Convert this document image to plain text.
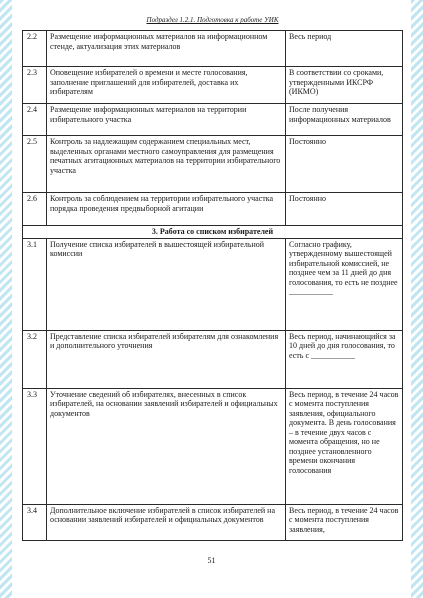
Подраздел 1.2.1. Подготовка к работе УИК
2.2	Размещение информационных материалов на информационном стенде, актуализация этих материалов	Весь период
2.3	Оповещение избирателей о времени и месте голосования, заполнение приглашений для избирателей, доставка их избирателям	В соответствии со сроками, утвержденными ИКСРФ (ИКМО)
2.4	Размещение информационных материалов на территории избирательного участка	После получения информационных материалов
2.5	Контроль за надлежащим содержанием специальных мест, выделенных органами местного самоуправления для размещения печатных агитационных материалов на территории избирательного участка	Постоянно
2.6	Контроль за соблюдением на территории избирательного участка порядка проведения предвыборной агитации	Постоянно
3. Работа со списком избирателей		
3.1	Получение списка избирателей в вышестоящей избирательной комиссии	Согласно графику, утвержденному вышестоящей избирательной комиссией, не позднее чем за 11 дней до дня голосования, то есть не позднее ___________
3.2	Представление списка избирателей избирателям для ознакомления и дополнительного уточнения	Весь период, начинающийся за 10 дней до дня голосования, то есть с ___________
3.3	Уточнение сведений об избирателях, внесенных в список избирателей, на основании заявлений избирателей и официальных документов	Весь период, в течение 24 часов с момента поступления заявления, официального документа. В день голосования – в течение двух часов с момента обращения, но не позднее установленного времени окончания голосования
3.4	Дополнительное включение избирателей в список избирателей на основании заявлений избирателей и официальных документов	Весь период, в течение 24 часов с момента поступления заявления,
51
